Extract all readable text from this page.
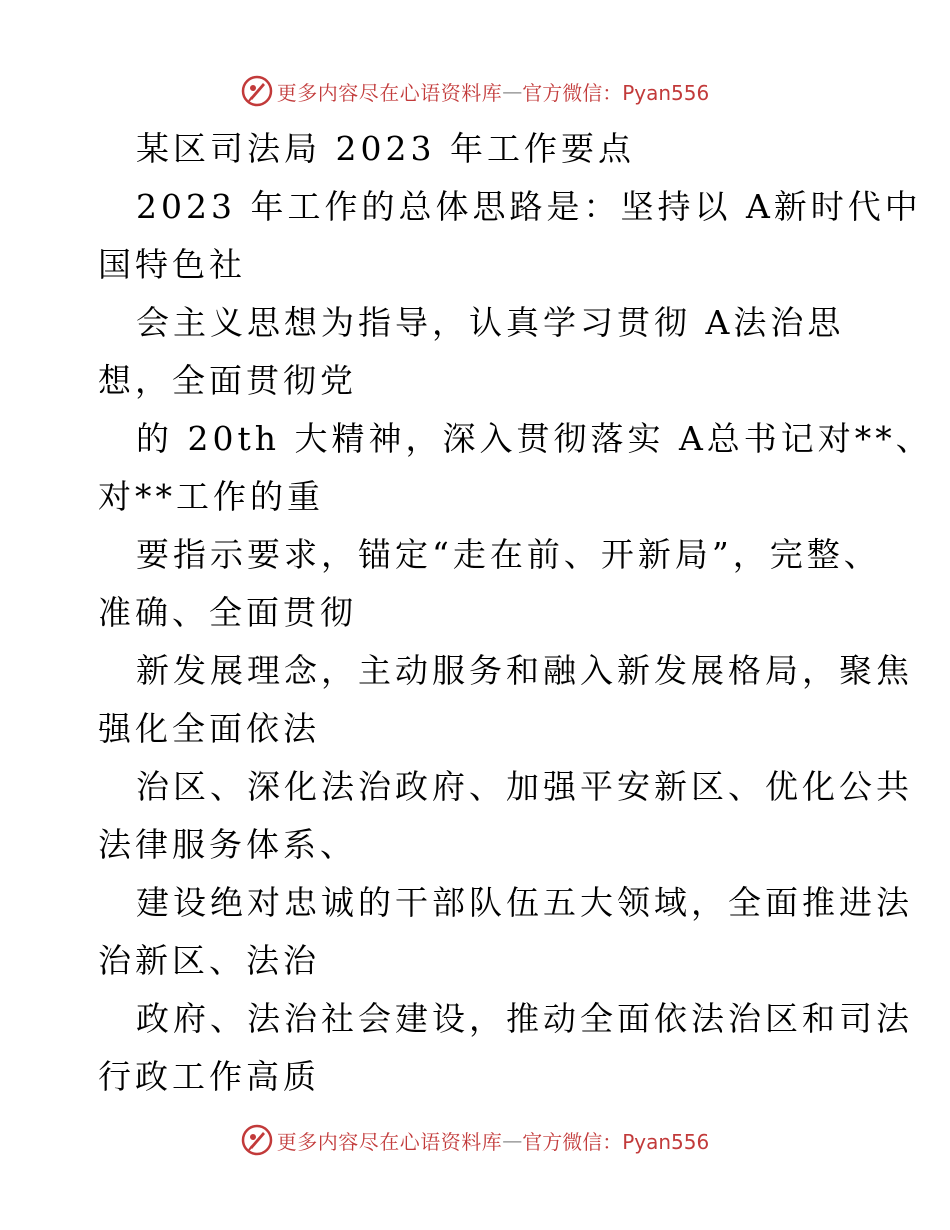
更多内容尽在心语资料库 — 官方微信：Pyan556
某区司法局 2023 年工作要点
2023 年工作的总体思路是：坚持以 A新时代中
国特色社
会主义思想为指导，认真学习贯彻 A法治思
想，全面贯彻党
的 20th 大精神，深入贯彻落实 A总书记对**、
对**工作的重
要指示要求，锚定“走在前、开新局”，完整、
准确、全面贯彻
新发展理念，主动服务和融入新发展格局，聚焦
强化全面依法
治区、深化法治政府、加强平安新区、优化公共
法律服务体系、
建设绝对忠诚的干部队伍五大领域，全面推进法
治新区、法治
政府、法治社会建设，推动全面依法治区和司法
行政工作高质
更多内容尽在心语资料库 — 官方微信：Pyan556
